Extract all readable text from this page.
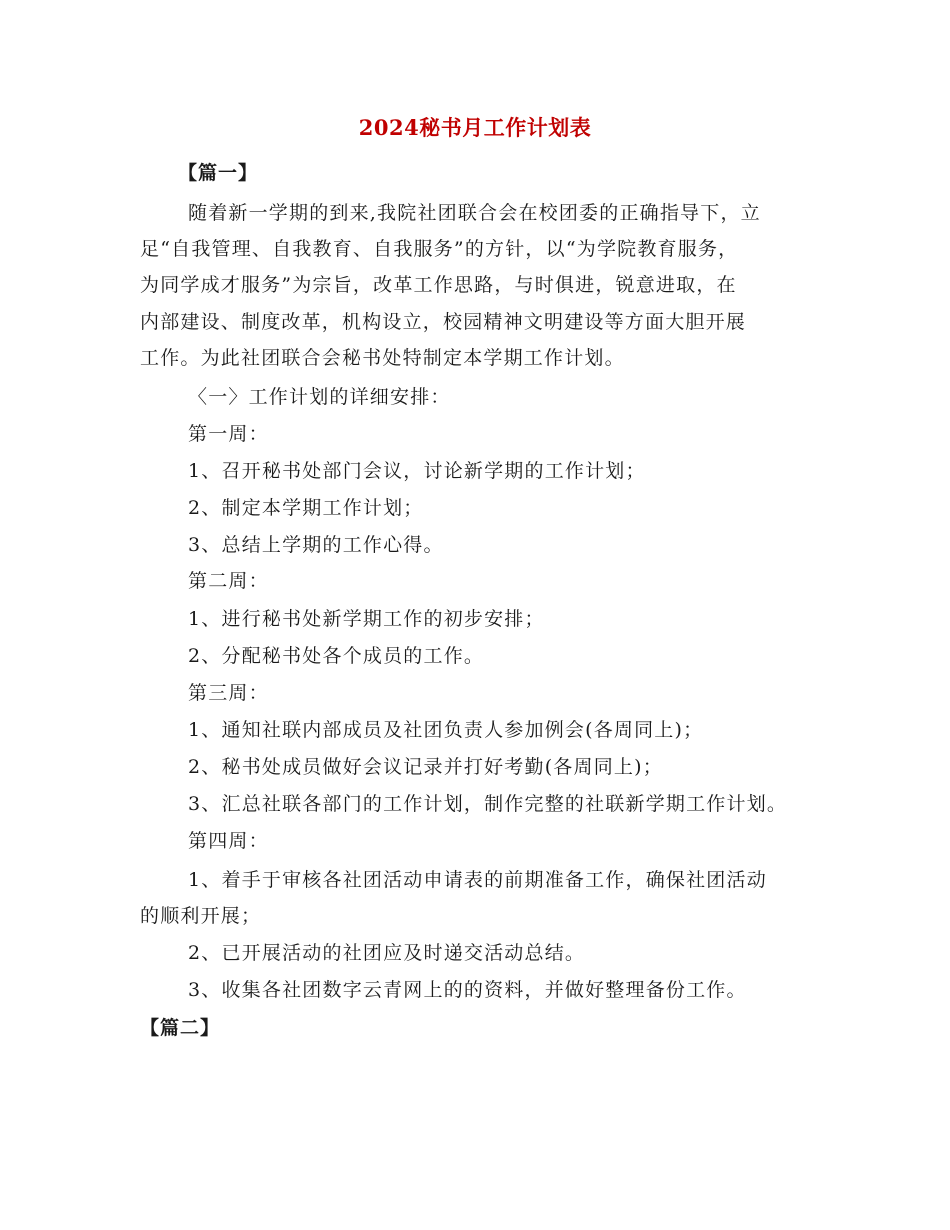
2024秘书月工作计划表
【篇一】
随着新一学期的到来,我院社团联合会在校团委的正确指导下，立
足“自我管理、自我教育、自我服务”的方针，以“为学院教育服务，
为同学成才服务”为宗旨，改革工作思路，与时俱进，锐意进取，在
内部建设、制度改革，机构设立，校园精神文明建设等方面大胆开展
工作。为此社团联合会秘书处特制定本学期工作计划。
〈一〉工作计划的详细安排：
第一周：
1、召开秘书处部门会议，讨论新学期的工作计划；
2、制定本学期工作计划；
3、总结上学期的工作心得。
第二周：
1、进行秘书处新学期工作的初步安排；
2、分配秘书处各个成员的工作。
第三周：
1、通知社联内部成员及社团负责人参加例会(各周同上)；
2、秘书处成员做好会议记录并打好考勤(各周同上)；
3、汇总社联各部门的工作计划，制作完整的社联新学期工作计划。
第四周：
1、着手于审核各社团活动申请表的前期准备工作，确保社团活动
的顺利开展；
2、已开展活动的社团应及时递交活动总结。
3、收集各社团数字云青网上的的资料，并做好整理备份工作。
【篇二】
